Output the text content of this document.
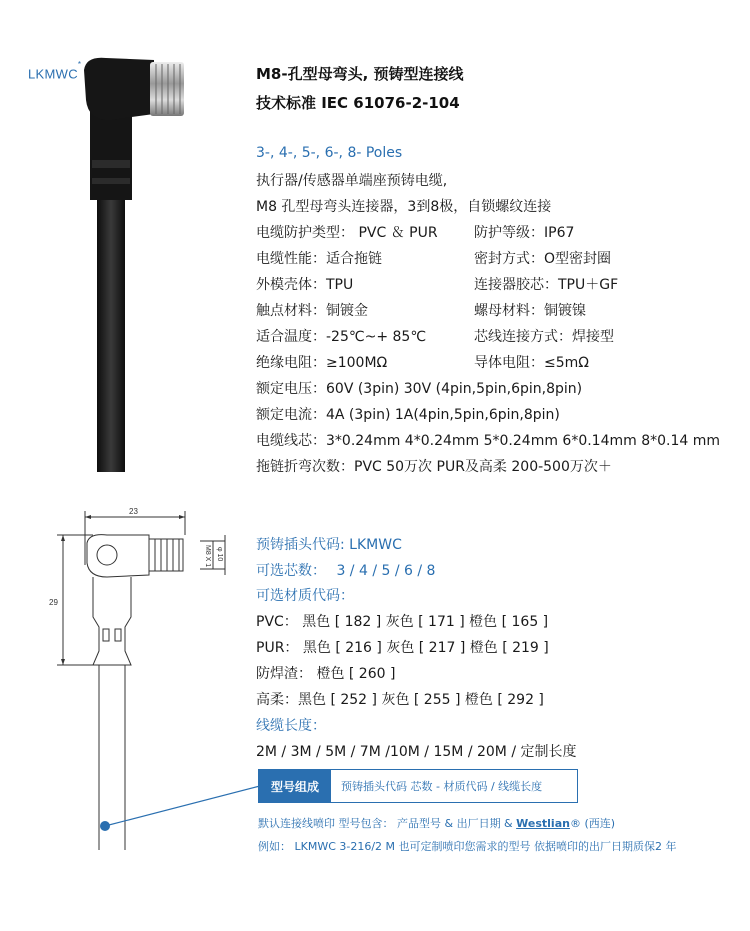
LKMWC*
M8-孔型母弯头, 预铸型连接线
技术标准 IEC 61076-2-104
3-, 4-, 5-, 6-, 8- Poles
执行器/传感器单端座预铸电缆,
M8 孔型母弯头连接器，3到8极，自锁螺纹连接
电缆防护类型： PVC ＆ PUR	防护等级：IP67
电缆性能：适合拖链	密封方式：O型密封圈
外模壳体：TPU	连接器胶芯：TPU＋GF
触点材料：铜镀金	螺母材料：铜镀镍
适合温度：-25℃~+ 85℃	芯线连接方式：焊接型
绝缘电阻：≥100MΩ	导体电阻：≤5mΩ
额定电压：60V (3pin) 30V (4pin,5pin,6pin,8pin)
额定电流：4A (3pin) 1A(4pin,5pin,6pin,8pin)
电缆线芯：3*0.24mm 4*0.24mm 5*0.24mm 6*0.14mm 8*0.14 mm
拖链折弯次数：PVC 50万次 PUR及高柔 200-500万次＋
23
29
M8 X 1 φ 10
预铸插头代码: LKMWC
可选芯数： 3 / 4 / 5 / 6 / 8
可选材质代码：
PVC： 黑色 [ 182 ] 灰色 [ 171 ] 橙色 [ 165 ]
PUR： 黑色 [ 216 ] 灰色 [ 217 ] 橙色 [ 219 ]
防焊渣： 橙色 [ 260 ]
高柔：黑色 [ 252 ] 灰色 [ 255 ] 橙色 [ 292 ]
线缆长度：
2M / 3M / 5M / 7M /10M / 15M / 20M / 定制长度
型号组成	预铸插头代码 芯数 - 材质代码 / 线缆长度
默认连接线喷印 型号包含： 产品型号 & 出厂日期 & Westlian® (西连)
例如： LKMWC 3-216/2 M 也可定制喷印您需求的型号 依据喷印的出厂日期质保2 年
